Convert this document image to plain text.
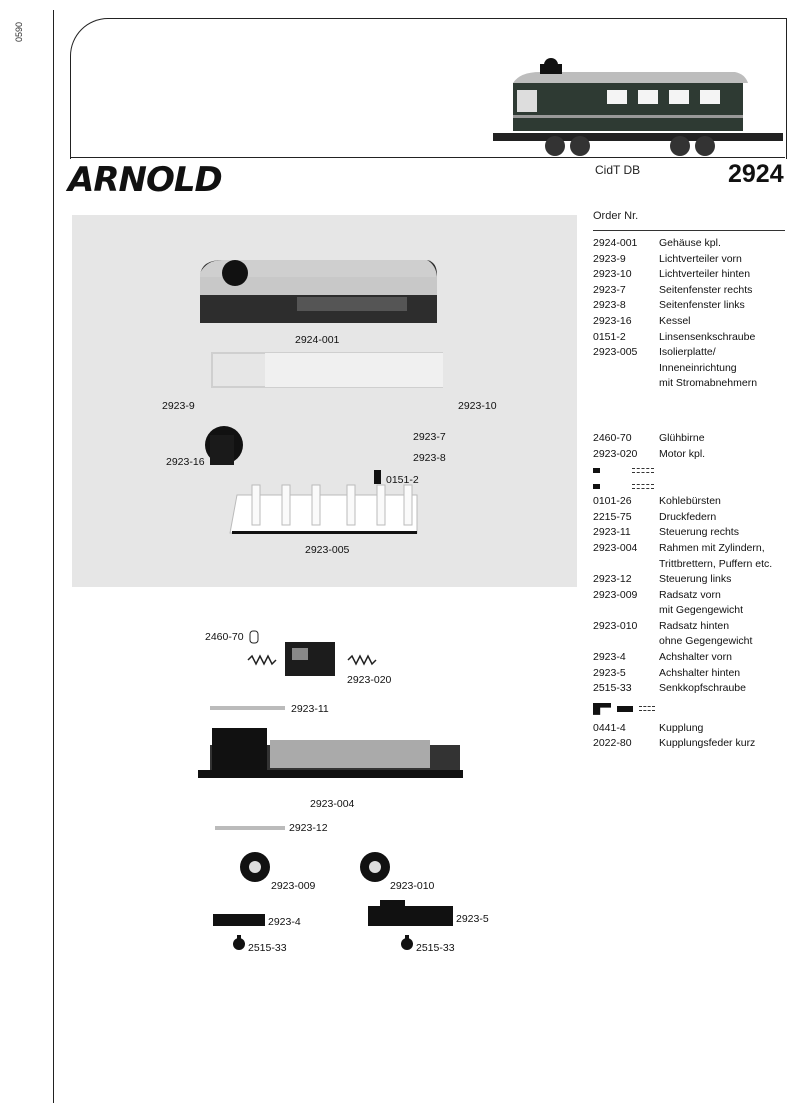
0590
ARNOLD	CidT DB	2924
2924-001
2923-9	2923-10
2923-7
2923-8
2923-16
0151-2
2923-005
2460-70
2923-020
2923-11
2923-004
2923-12
2923-009	2923-010
2923-4	2923-5
2515-33	2515-33
Order Nr.
2924-001	Gehäuse kpl.
2923-9	Lichtverteiler vorn
2923-10	Lichtverteiler hinten
2923-7	Seitenfenster rechts
2923-8	Seitenfenster links
2923-16	Kessel
0151-2	Linsensenkschraube
2923-005	Isolierplatte/
Inneneinrichtung
mit Stromabnehmern
2460-70	Glühbirne
2923-020	Motor kpl.
0101-26	Kohlebürsten
2215-75	Druckfedern
2923-11	Steuerung rechts
2923-004	Rahmen mit Zylindern,
Trittbrettern, Puffern etc.
2923-12	Steuerung links
2923-009	Radsatz vorn
mit Gegengewicht
2923-010	Radsatz hinten
ohne Gegengewicht
2923-4	Achshalter vorn
2923-5	Achshalter hinten
2515-33	Senkkopfschraube
0441-4	Kupplung
2022-80	Kupplungsfeder kurz
